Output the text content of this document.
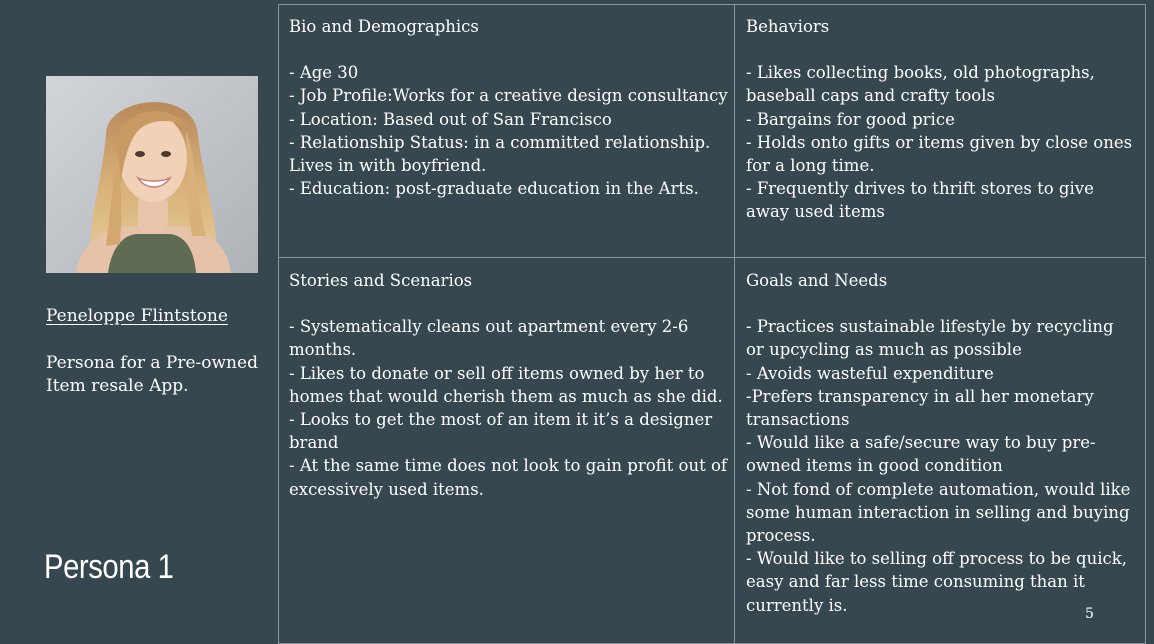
Peneloppe Flintstone
Persona for a Pre-owned Item resale App.
Persona 1
Bio and Demographics
- Age 30
- Job Profile:Works for a creative design consultancy
- Location: Based out of San Francisco
- Relationship Status: in a committed relationship. Lives in with boyfriend.
- Education: post-graduate education in the Arts.
Behaviors
- Likes collecting books, old photographs, baseball caps and crafty tools
- Bargains for good price
- Holds onto gifts or items given by close ones for a long time.
- Frequently drives to thrift stores to give away used items
Stories and Scenarios
- Systematically cleans out apartment every 2-6 months.
- Likes to donate or sell off items owned by her to homes that would cherish them as much as she did.
- Looks to get the most of an item it it’s a designer brand
- At the same time does not look to gain profit out of excessively used items.
Goals and Needs
- Practices sustainable lifestyle by recycling or upcycling as much as possible
- Avoids wasteful expenditure
-Prefers transparency in all her monetary transactions
- Would like a safe/secure way to buy pre-owned items in good condition
- Not fond of complete automation, would like some human interaction in selling and buying process.
- Would like to selling off process to be quick, easy and far less time consuming than it currently is.	5
